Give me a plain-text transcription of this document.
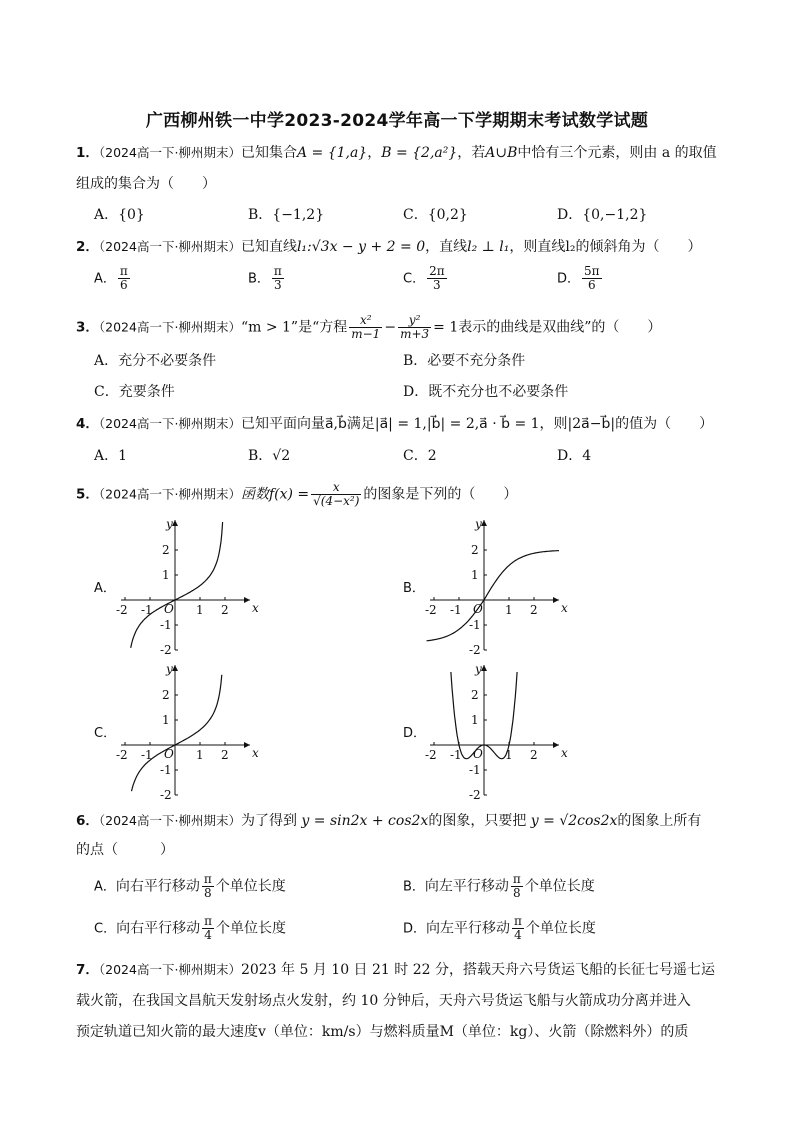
广西柳州铁一中学2023-2024学年高一下学期期末考试数学试题
1．（2024高一下·柳州期末）已知集合A = {1,a}，B = {2,a²}，若A∪B中恰有三个元素，则由 a 的取值
组成的集合为（　　）
A．{0}	B．{−1,2}	C．{0,2}	D．{0,−1,2}
2．（2024高一下·柳州期末）已知直线l₁:√3x − y + 2 = 0，直线l₂ ⊥ l₁，则直线l₂的倾斜角为（　　）
A． $\frac{\pi}{6}$	B． $\frac{\pi}{3}$	C． $\frac{2\pi}{3}$	D． $\frac{5\pi}{6}$
3．（2024高一下·柳州期末）“m > 1”是“方程 $\frac{\text{x²}}{m-1} - \frac{\text{y²}}{m+3} = 1$表示的曲线是双曲线”的（　　）
A．充分不必要条件	B．必要不充分条件
C．充要条件	D．既不充分也不必要条件
4．（2024高一下·柳州期末）已知平面向量a⃗,b⃗满足|a⃗| = 1,|b⃗| = 2,a⃗ · b⃗ = 1，则|2a⃗−b⃗|的值为（　　）
A．1	B．√2	C．2	D．4
5．（2024高一下·柳州期末）函数$f(x) = \frac{x}{\text{√(4−x²)}}$ 的图象是下列的（　　）
A．	B．
C．	D．
-2 -1	1 2
2
1
-1
-2
x
y
O	-2 -1	1 2
2
1
-1
-2
x
y
O
-2 -1	1 2
2
1
-1
-2
x
y
O	-2 -1	1 2
2
1
-1
-2
x
y
O
6．（2024高一下·柳州期末）为了得到 y = sin2x + cos2x的图象，只要把 y = √2cos2x的图象上所有
的点（　　　）
A．向右平行移动 $\frac{\pi}{8}$ 个单位长度	B．向左平行移动 $\frac{\pi}{8}$ 个单位长度
C．向右平行移动 $\frac{\pi}{4}$ 个单位长度	D．向左平行移动 $\frac{\pi}{4}$ 个单位长度
7．（2024高一下·柳州期末）2023 年 5 月 10 日 21 时 22 分，搭载天舟六号货运飞船的长征七号遥七运
载火箭，在我国文昌航天发射场点火发射，约 10 分钟后，天舟六号货运飞船与火箭成功分离并进入
预定轨道已知火箭的最大速度v（单位：km/s）与燃料质量M（单位：kg）、火箭（除燃料外）的质
